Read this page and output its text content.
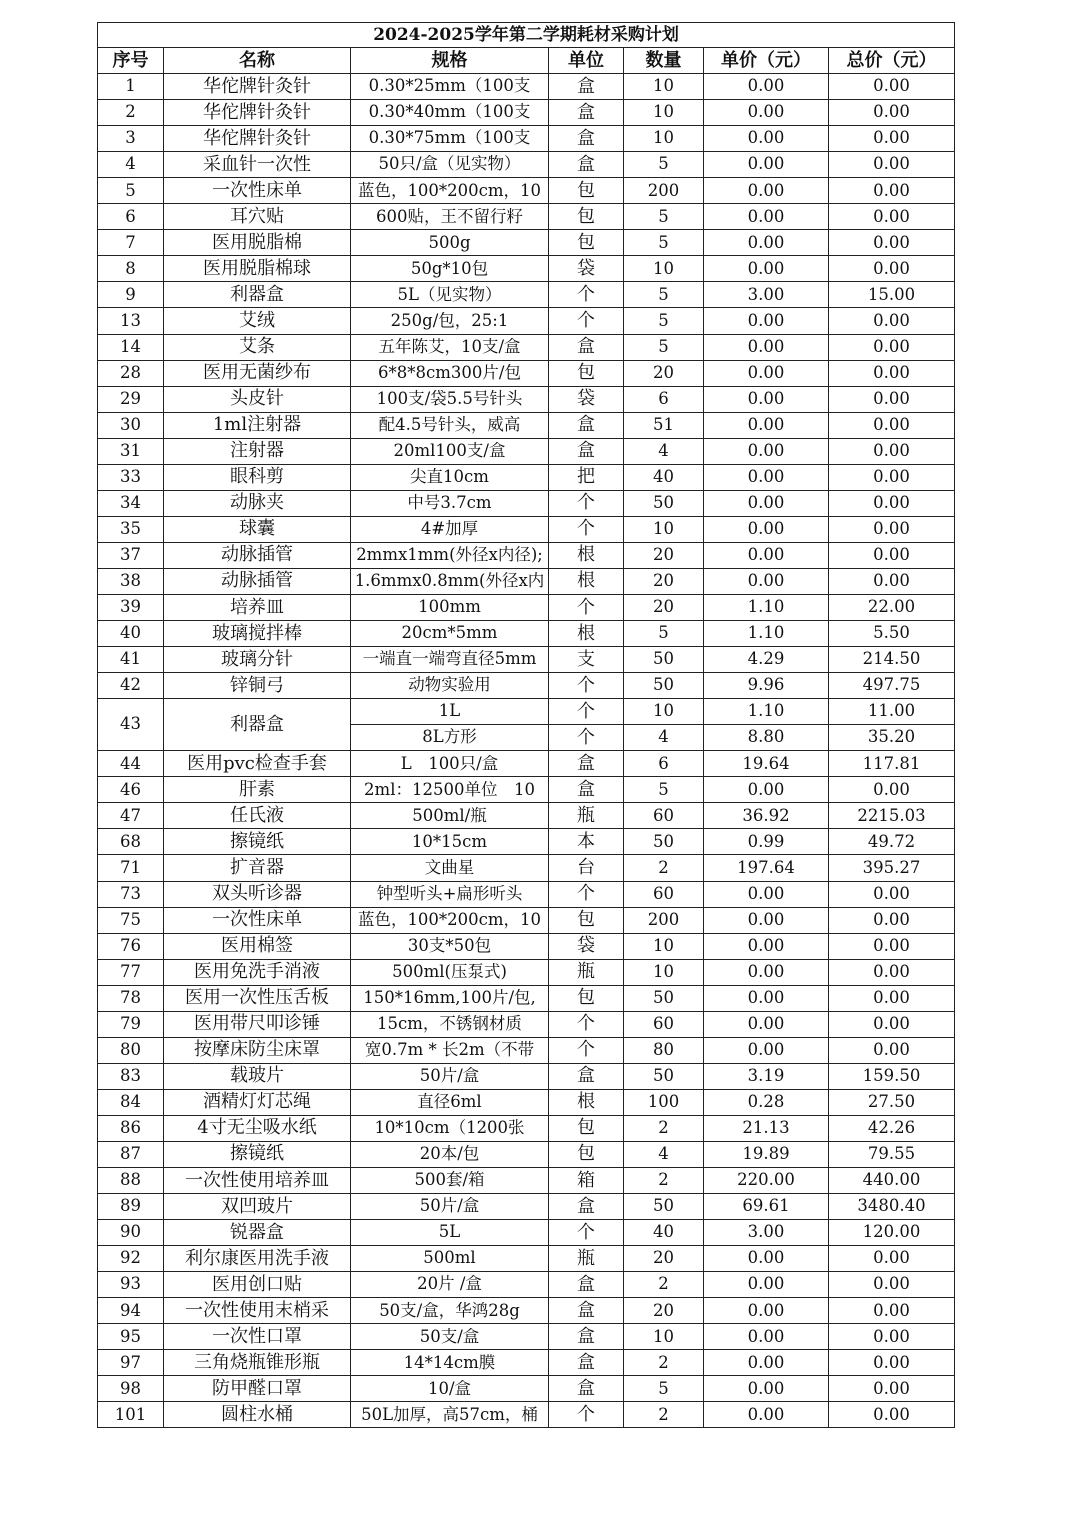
2024-2025学年第二学期耗材采购计划						
序号	名称	规格	单位	数量	单价（元）	总价（元）
1	华佗牌针灸针	0.30*25mm（100支	盒	10	0.00	0.00
2	华佗牌针灸针	0.30*40mm（100支	盒	10	0.00	0.00
3	华佗牌针灸针	0.30*75mm（100支	盒	10	0.00	0.00
4	采血针一次性	50只/盒（见实物）	盒	5	0.00	0.00
5	一次性床单	蓝色，100*200cm，10	包	200	0.00	0.00
6	耳穴贴	600贴，王不留行籽	包	5	0.00	0.00
7	医用脱脂棉	500g	包	5	0.00	0.00
8	医用脱脂棉球	50g*10包	袋	10	0.00	0.00
9	利器盒	5L（见实物）	个	5	3.00	15.00
13	艾绒	250g/包，25:1	个	5	0.00	0.00
14	艾条	五年陈艾，10支/盒	盒	5	0.00	0.00
28	医用无菌纱布	6*8*8cm300片/包	包	20	0.00	0.00
29	头皮针	100支/袋5.5号针头	袋	6	0.00	0.00
30	1ml注射器	配4.5号针头，威高	盒	51	0.00	0.00
31	注射器	20ml100支/盒	盒	4	0.00	0.00
33	眼科剪	尖直10cm	把	40	0.00	0.00
34	动脉夹	中号3.7cm	个	50	0.00	0.00
35	球囊	4#加厚	个	10	0.00	0.00
37	动脉插管	2mmx1mm(外径x内径);	根	20	0.00	0.00
38	动脉插管	1.6mmx0.8mm(外径x内	根	20	0.00	0.00
39	培养皿	100mm	个	20	1.10	22.00
40	玻璃搅拌棒	20cm*5mm	根	5	1.10	5.50
41	玻璃分针	一端直一端弯直径5mm	支	50	4.29	214.50
42	锌铜弓	动物实验用	个	50	9.96	497.75
43	利器盒	1L	个	10	1.10	11.00
		8L方形	个	4	8.80	35.20
44	医用pvc检查手套	L　100只/盒	盒	6	19.64	117.81
46	肝素	2ml：12500单位　10	盒	5	0.00	0.00
47	任氏液	500ml/瓶	瓶	60	36.92	2215.03
68	擦镜纸	10*15cm	本	50	0.99	49.72
71	扩音器	文曲星	台	2	197.64	395.27
73	双头听诊器	钟型听头+扁形听头	个	60	0.00	0.00
75	一次性床单	蓝色，100*200cm，10	包	200	0.00	0.00
76	医用棉签	30支*50包	袋	10	0.00	0.00
77	医用免洗手消液	500ml(压泵式)	瓶	10	0.00	0.00
78	医用一次性压舌板	150*16mm,100片/包,	包	50	0.00	0.00
79	医用带尺叩诊锤	15cm，不锈钢材质	个	60	0.00	0.00
80	按摩床防尘床罩	宽0.7m * 长2m（不带	个	80	0.00	0.00
83	载玻片	50片/盒	盒	50	3.19	159.50
84	酒精灯灯芯绳	直径6ml	根	100	0.28	27.50
86	4寸无尘吸水纸	10*10cm（1200张	包	2	21.13	42.26
87	擦镜纸	20本/包	包	4	19.89	79.55
88	一次性使用培养皿	500套/箱	箱	2	220.00	440.00
89	双凹玻片	50片/盒	盒	50	69.61	3480.40
90	锐器盒	5L	个	40	3.00	120.00
92	利尔康医用洗手液	500ml	瓶	20	0.00	0.00
93	医用创口贴	20片 /盒	盒	2	0.00	0.00
94	一次性使用末梢采	50支/盒，华鸿28g	盒	20	0.00	0.00
95	一次性口罩	50支/盒	盒	10	0.00	0.00
97	三角烧瓶锥形瓶	14*14cm膜	盒	2	0.00	0.00
98	防甲醛口罩	10/盒	盒	5	0.00	0.00
101	圆柱水桶	50L加厚，高57cm，桶	个	2	0.00	0.00
